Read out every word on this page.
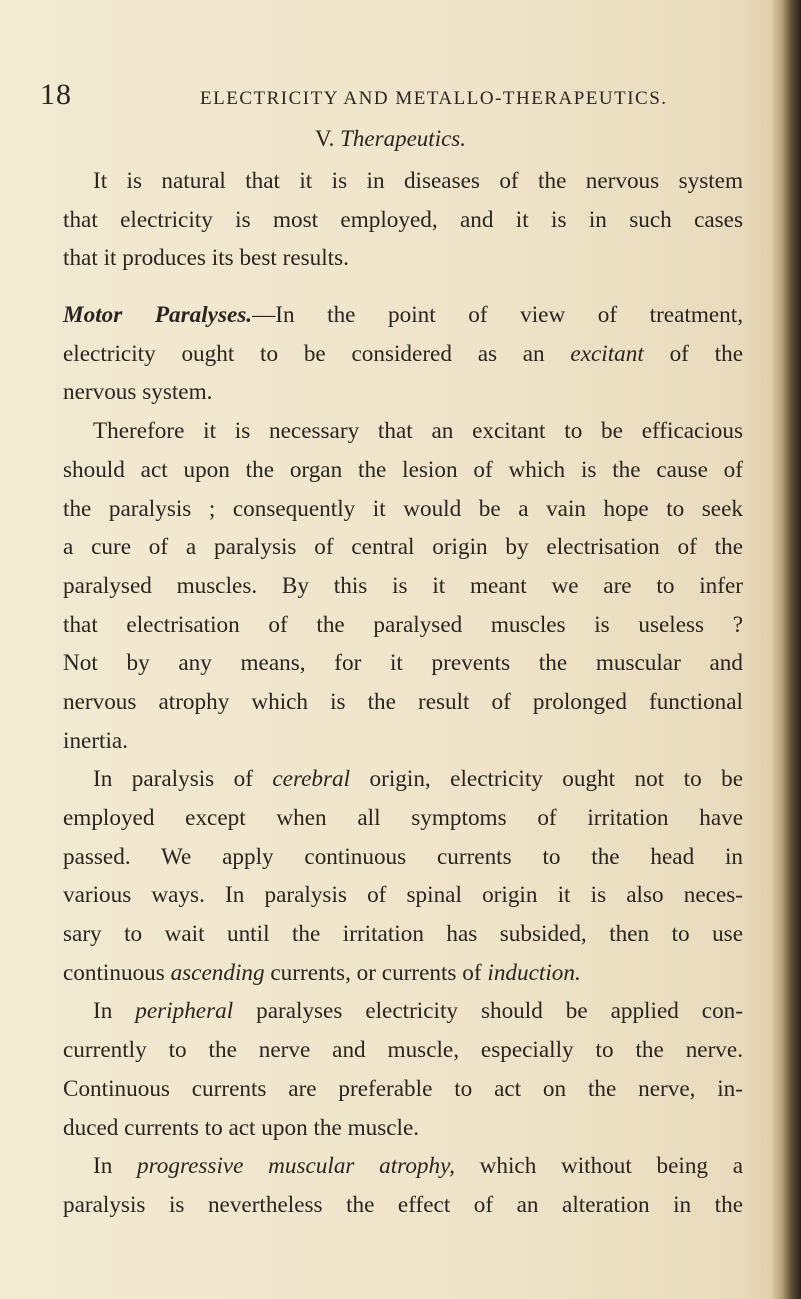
18	ELECTRICITY AND METALLO-THERAPEUTICS.
V. Therapeutics.
It is natural that it is in diseases of the nervous system
that electricity is most employed, and it is in such cases
that it produces its best results.
Motor Paralyses.—In the point of view of treatment,
electricity ought to be considered as an excitant of the
nervous system.
Therefore it is necessary that an excitant to be efficacious
should act upon the organ the lesion of which is the cause of
the paralysis ; consequently it would be a vain hope to seek
a cure of a paralysis of central origin by electrisation of the
paralysed muscles. By this is it meant we are to infer
that electrisation of the paralysed muscles is useless ?
Not by any means, for it prevents the muscular and
nervous atrophy which is the result of prolonged functional
inertia.
In paralysis of cerebral origin, electricity ought not to be
employed except when all symptoms of irritation have
passed. We apply continuous currents to the head in
various ways. In paralysis of spinal origin it is also neces-
sary to wait until the irritation has subsided, then to use
continuous ascending currents, or currents of induction.
In peripheral paralyses electricity should be applied con-
currently to the nerve and muscle, especially to the nerve.
Continuous currents are preferable to act on the nerve, in-
duced currents to act upon the muscle.
In progressive muscular atrophy, which without being a
paralysis is nevertheless the effect of an alteration in the
